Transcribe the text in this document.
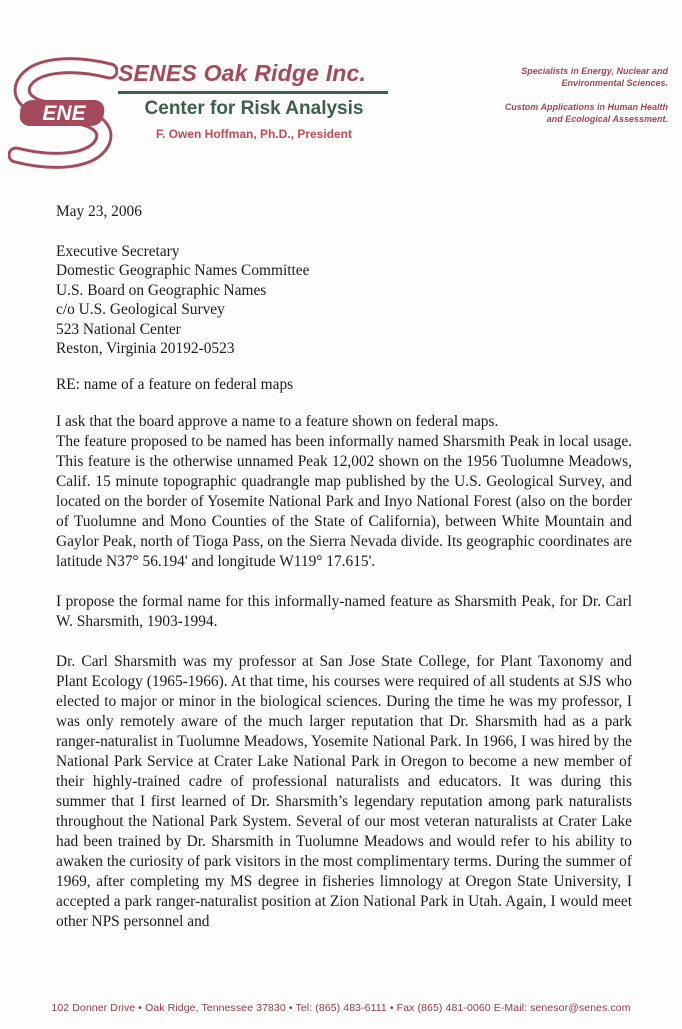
ENE
SENES Oak Ridge Inc.
Center for Risk Analysis
F. Owen Hoffman, Ph.D., President
Specialists in Energy, Nuclear and Environmental Sciences.
Custom Applications in Human Health and Ecological Assessment.
May 23, 2006
Executive Secretary
Domestic Geographic Names Committee
U.S. Board on Geographic Names
c/o U.S. Geological Survey
523 National Center
Reston, Virginia 20192-0523
RE: name of a feature on federal maps
I ask that the board approve a name to a feature shown on federal maps.
The feature proposed to be named has been informally named Sharsmith Peak in local usage. This feature is the otherwise unnamed Peak 12,002 shown on the 1956 Tuolumne Meadows, Calif. 15 minute topographic quadrangle map published by the U.S. Geological Survey, and located on the border of Yosemite National Park and Inyo National Forest (also on the border of Tuolumne and Mono Counties of the State of California), between White Mountain and Gaylor Peak, north of Tioga Pass, on the Sierra Nevada divide. Its geographic coordinates are latitude N37° 56.194' and longitude W119° 17.615'.
I propose the formal name for this informally-named feature as Sharsmith Peak, for Dr. Carl W. Sharsmith, 1903-1994.
Dr. Carl Sharsmith was my professor at San Jose State College, for Plant Taxonomy and Plant Ecology (1965-1966). At that time, his courses were required of all students at SJS who elected to major or minor in the biological sciences. During the time he was my professor, I was only remotely aware of the much larger reputation that Dr. Sharsmith had as a park ranger-naturalist in Tuolumne Meadows, Yosemite National Park. In 1966, I was hired by the National Park Service at Crater Lake National Park in Oregon to become a new member of their highly-trained cadre of professional naturalists and educators. It was during this summer that I first learned of Dr. Sharsmith’s legendary reputation among park naturalists throughout the National Park System. Several of our most veteran naturalists at Crater Lake had been trained by Dr. Sharsmith in Tuolumne Meadows and would refer to his ability to awaken the curiosity of park visitors in the most complimentary terms. During the summer of 1969, after completing my MS degree in fisheries limnology at Oregon State University, I accepted a park ranger-naturalist position at Zion National Park in Utah. Again, I would meet other NPS personnel and
102 Donner Drive • Oak Ridge, Tennessee 37830 • Tel: (865) 483-6111 • Fax (865) 481-0060 E-Mail: senesor@senes.com
